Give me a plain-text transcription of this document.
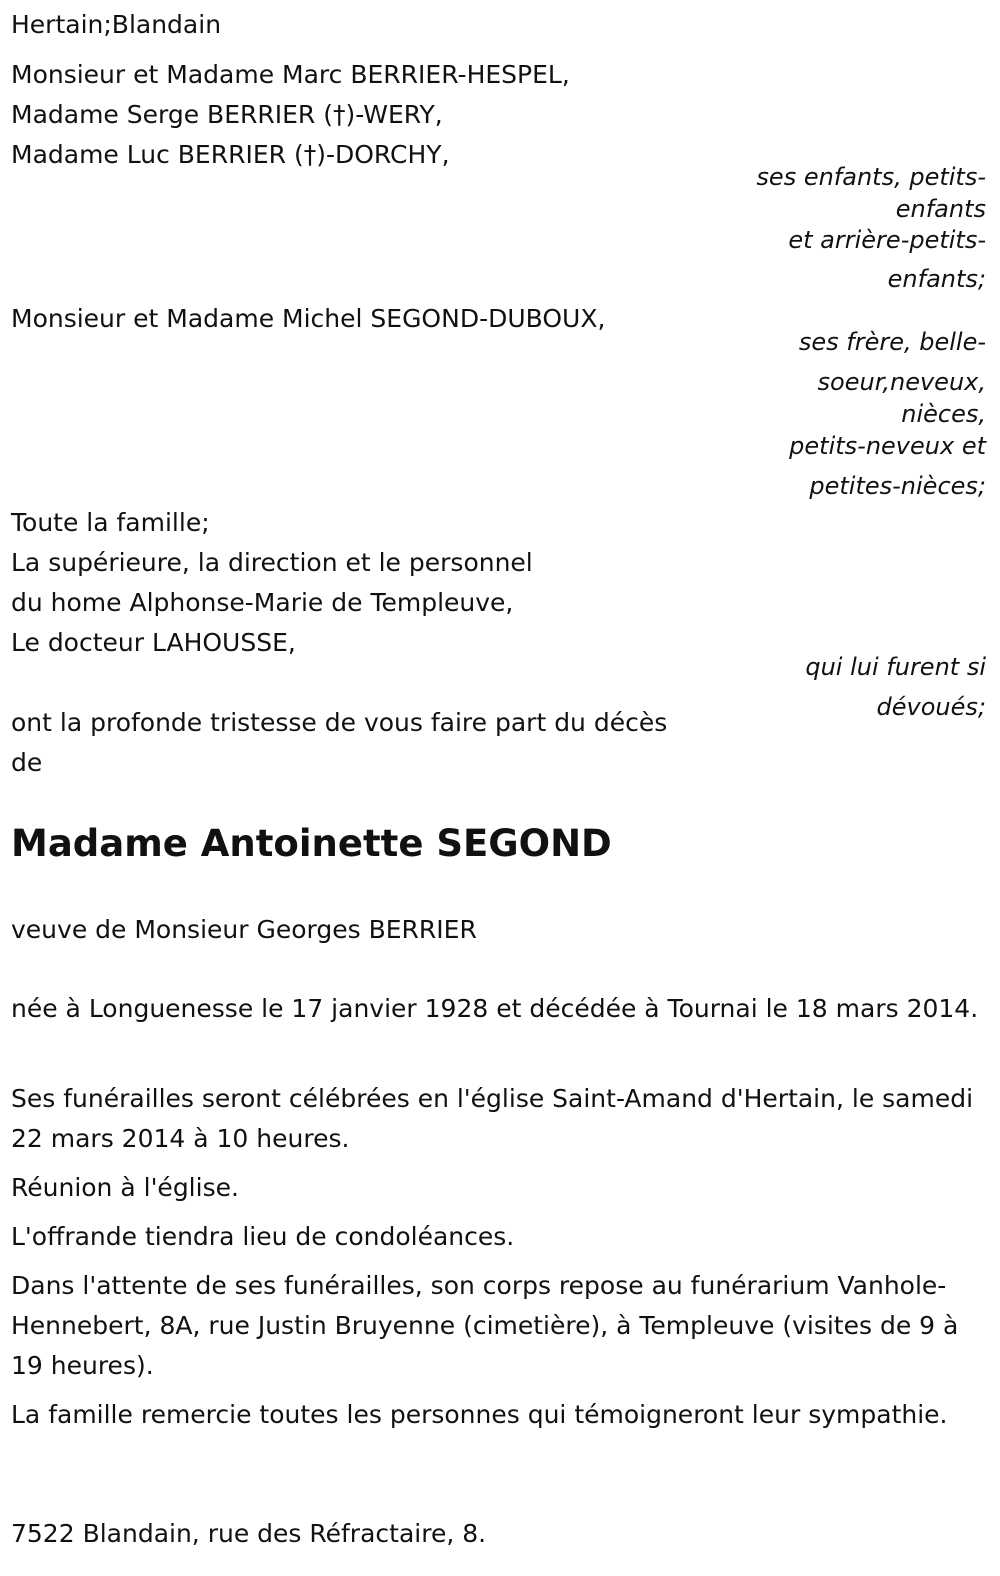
Hertain;Blandain

Monsieur et Madame Marc BERRIER-HESPEL,
Madame Serge BERRIER (†)-WERY,
Madame Luc BERRIER (†)-DORCHY,
ses enfants, petits-
enfants
et arrière-petits-
enfants;
Monsieur et Madame Michel SEGOND-DUBOUX,
ses frère, belle-
soeur,neveux,
nièces,
petits-neveux et
petites-nièces;
Toute la famille;
La supérieure, la direction et le personnel
du home Alphonse-Marie de Templeuve,
Le docteur LAHOUSSE,
qui lui furent si
dévoués;
ont la profonde tristesse de vous faire part du décès
de
Madame Antoinette SEGOND

veuve de Monsieur Georges BERRIER

née à Longuenesse le 17 janvier 1928 et décédée à Tournai le 18 mars 2014.

Ses funérailles seront célébrées en l'église Saint-Amand d'Hertain, le samedi 22 mars 2014 à 10 heures.

Réunion à l'église.

L'offrande tiendra lieu de condoléances.

Dans l'attente de ses funérailles, son corps repose au funérarium Vanhole-Hennebert, 8A, rue Justin Bruyenne (cimetière), à Templeuve (visites de 9 à 19 heures).

La famille remercie toutes les personnes qui témoigneront leur sympathie.

7522 Blandain, rue des Réfractaire, 8.
